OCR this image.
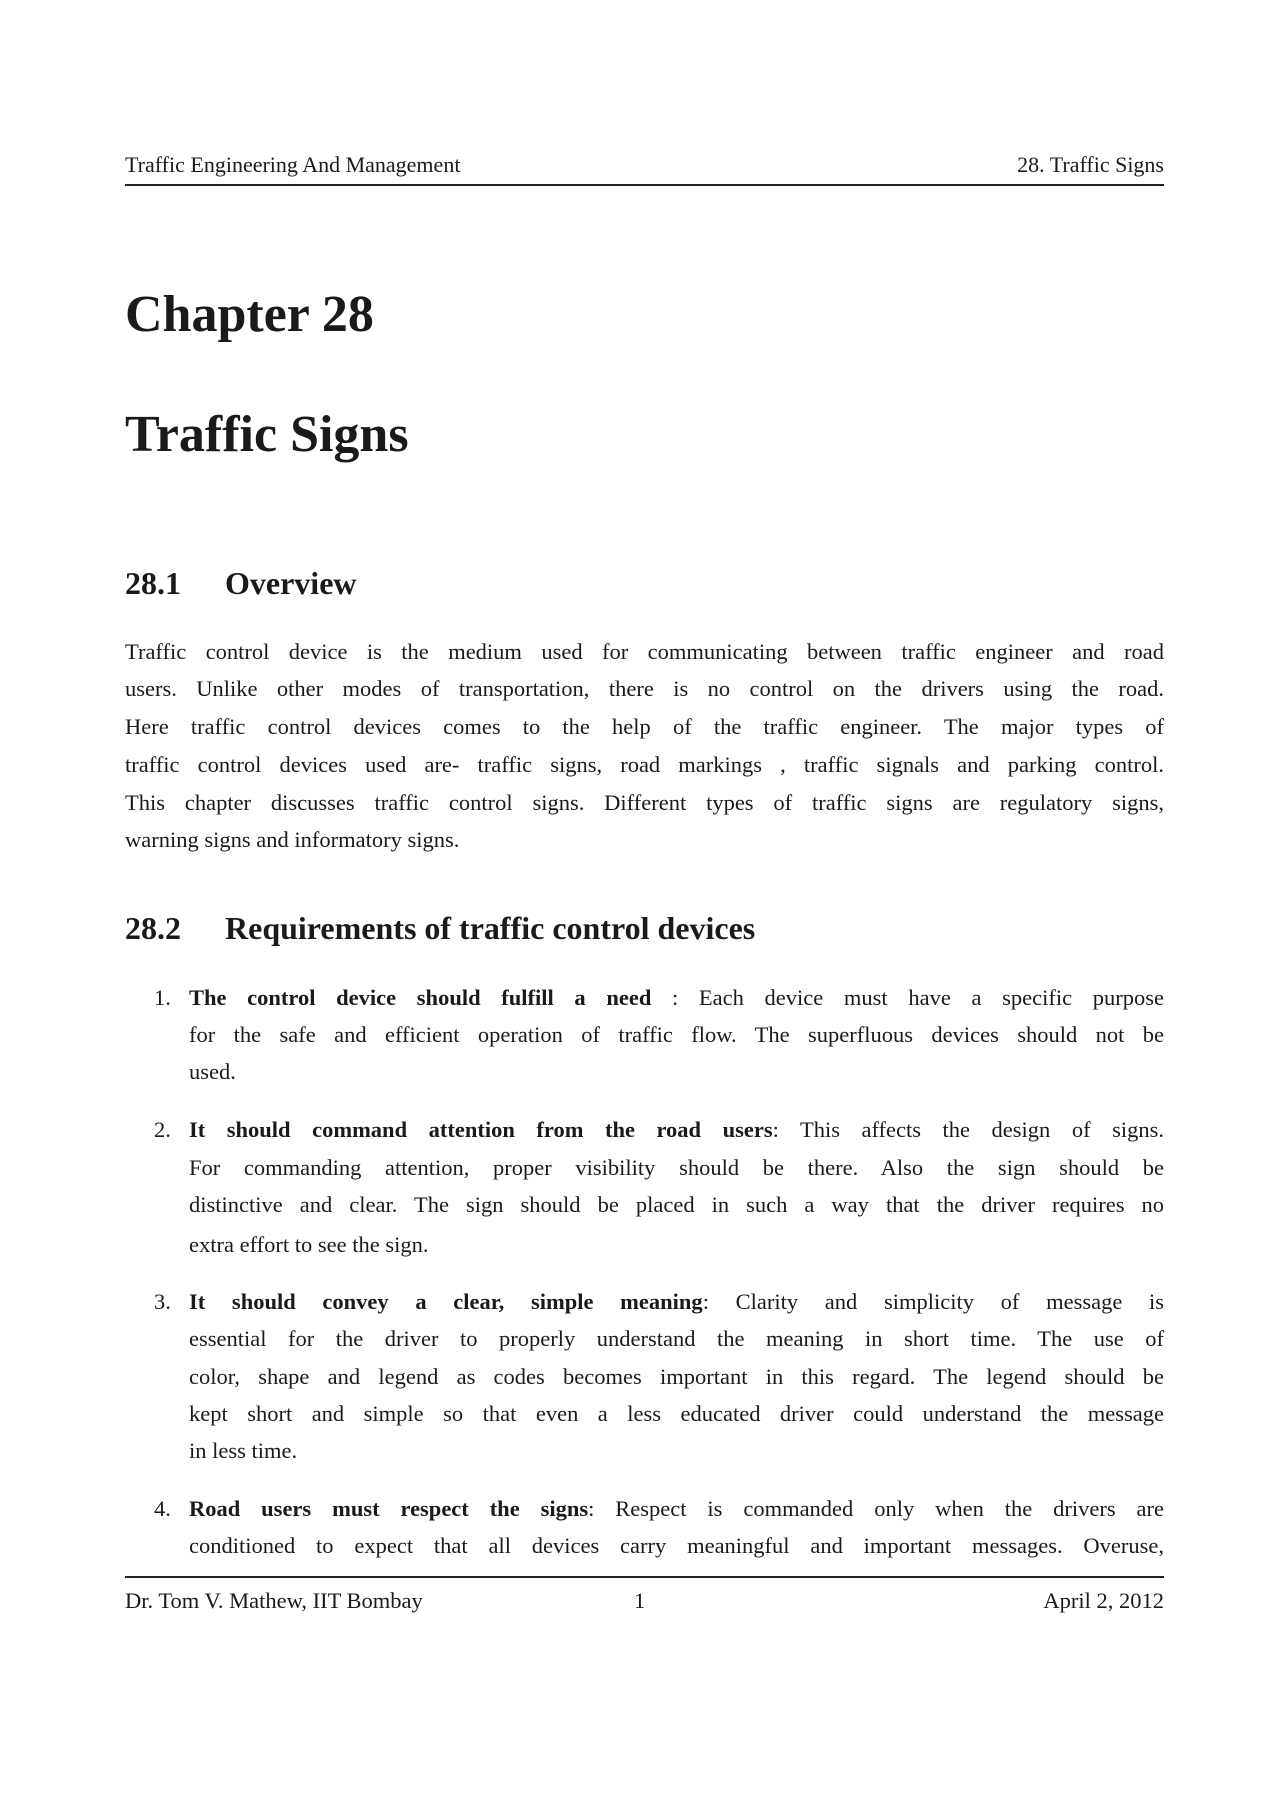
Traffic Engineering And Management	28. Traffic Signs
Chapter 28
Traffic Signs
28.1 Overview
Traffic control device is the medium used for communicating between traffic engineer and road
users. Unlike other modes of transportation, there is no control on the drivers using the road.
Here traffic control devices comes to the help of the traffic engineer. The major types of
traffic control devices used are- traffic signs, road markings , traffic signals and parking control.
This chapter discusses traffic control signs. Different types of traffic signs are regulatory signs,
warning signs and informatory signs.
28.2 Requirements of traffic control devices
1. The control device should fulfill a need : Each device must have a specific purpose
for the safe and efficient operation of traffic flow. The superfluous devices should not be
used.
2. It should command attention from the road users: This affects the design of signs.
For commanding attention, proper visibility should be there. Also the sign should be
distinctive and clear. The sign should be placed in such a way that the driver requires no
extra effort to see the sign.
3. It should convey a clear, simple meaning: Clarity and simplicity of message is
essential for the driver to properly understand the meaning in short time. The use of
color, shape and legend as codes becomes important in this regard. The legend should be
kept short and simple so that even a less educated driver could understand the message
in less time.
4. Road users must respect the signs: Respect is commanded only when the drivers are
conditioned to expect that all devices carry meaningful and important messages. Overuse,
Dr. Tom V. Mathew, IIT Bombay	1	April 2, 2012
